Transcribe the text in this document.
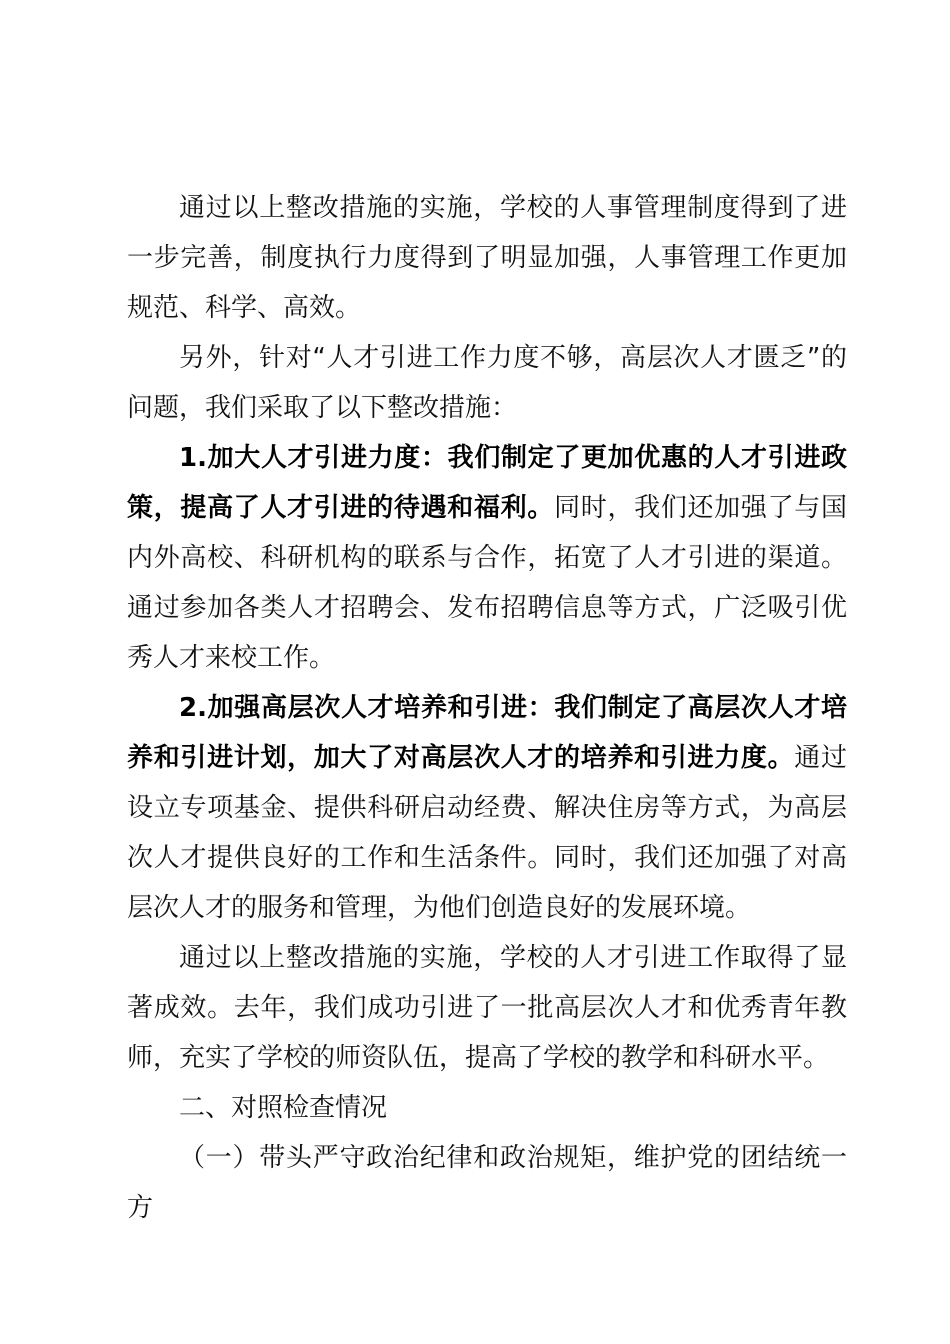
通过以上整改措施的实施，学校的人事管理制度得到了进一步完善，制度执行力度得到了明显加强，人事管理工作更加规范、科学、高效。

另外，针对“人才引进工作力度不够，高层次人才匮乏”的问题，我们采取了以下整改措施：

1.加大人才引进力度：我们制定了更加优惠的人才引进政策，提高了人才引进的待遇和福利。同时，我们还加强了与国内外高校、科研机构的联系与合作，拓宽了人才引进的渠道。通过参加各类人才招聘会、发布招聘信息等方式，广泛吸引优秀人才来校工作。

2.加强高层次人才培养和引进：我们制定了高层次人才培养和引进计划，加大了对高层次人才的培养和引进力度。通过设立专项基金、提供科研启动经费、解决住房等方式，为高层次人才提供良好的工作和生活条件。同时，我们还加强了对高层次人才的服务和管理，为他们创造良好的发展环境。

通过以上整改措施的实施，学校的人才引进工作取得了显著成效。去年，我们成功引进了一批高层次人才和优秀青年教师，充实了学校的师资队伍，提高了学校的教学和科研水平。

二、对照检查情况

（一）带头严守政治纪律和政治规矩，维护党的团结统一方
